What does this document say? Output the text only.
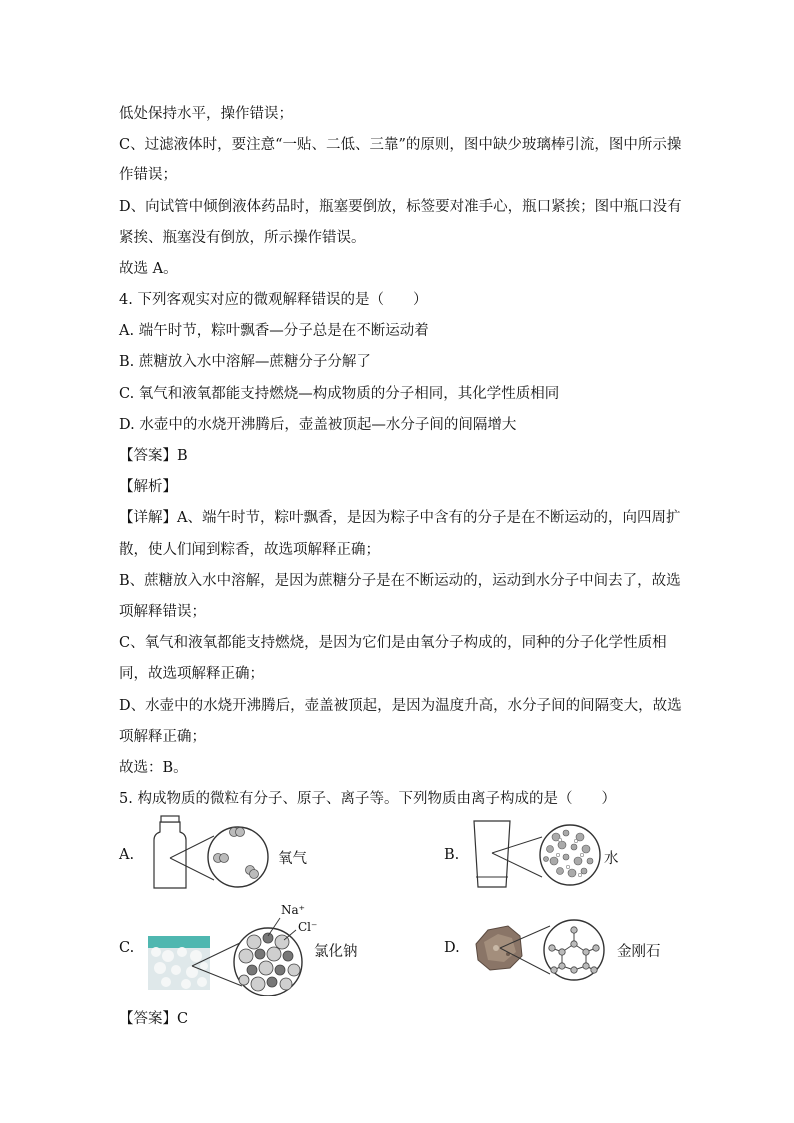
低处保持水平，操作错误；
C、过滤液体时，要注意“一贴、二低、三靠”的原则，图中缺少玻璃棒引流，图中所示操
作错误；
D、向试管中倾倒液体药品时，瓶塞要倒放，标签要对准手心，瓶口紧挨；图中瓶口没有
紧挨、瓶塞没有倒放，所示操作错误。
故选 A。
4. 下列客观实对应的微观解释错误的是（　　）
A. 端午时节，粽叶飘香—分子总是在不断运动着
B. 蔗糖放入水中溶解—蔗糖分子分解了
C. 氧气和液氧都能支持燃烧—构成物质的分子相同，其化学性质相同
D. 水壶中的水烧开沸腾后，壶盖被顶起—水分子间的间隔增大
【答案】B
【解析】
【详解】A、端午时节，粽叶飘香，是因为粽子中含有的分子是在不断运动的，向四周扩
散，使人们闻到粽香，故选项解释正确；
B、蔗糖放入水中溶解，是因为蔗糖分子是在不断运动的，运动到水分子中间去了，故选
项解释错误；
C、氧气和液氧都能支持燃烧，是因为它们是由氧分子构成的，同种的分子化学性质相
同，故选项解释正确；
D、水壶中的水烧开沸腾后，壶盖被顶起，是因为温度升高，水分子间的间隔变大，故选
项解释正确；
故选：B。
5. 构成物质的微粒有分子、原子、离子等。下列物质由离子构成的是（　　）
A.	氧气	B.	水
C.
Na⁺
Cl⁻
氯化钠	D.	金刚石
【答案】C
